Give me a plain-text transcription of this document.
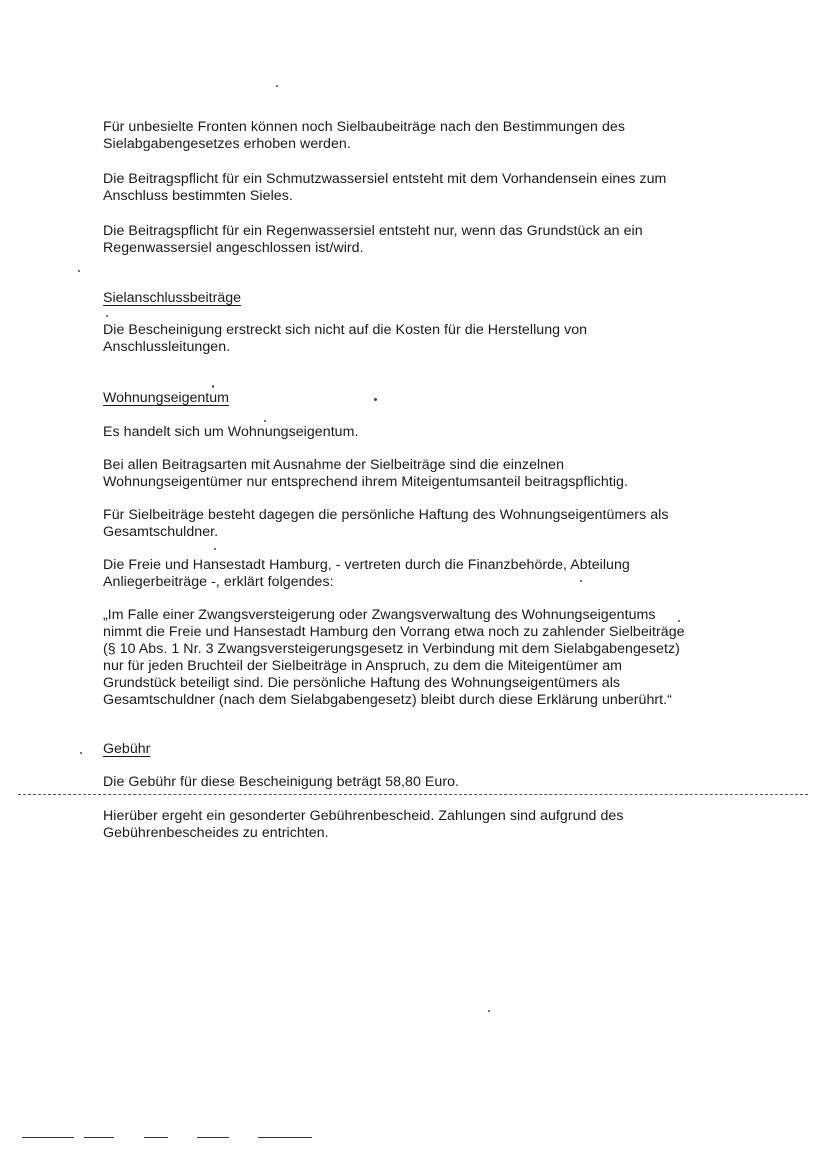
Für unbesielte Fronten können noch Sielbaubeiträge nach den Bestimmungen des
Sielabgabengesetzes erhoben werden.
Die Beitragspflicht für ein Schmutzwassersiel entsteht mit dem Vorhandensein eines zum
Anschluss bestimmten Sieles.
Die Beitragspflicht für ein Regenwassersiel entsteht nur, wenn das Grundstück an ein
Regenwassersiel angeschlossen ist/wird.
Sielanschlussbeiträge
Die Bescheinigung erstreckt sich nicht auf die Kosten für die Herstellung von
Anschlussleitungen.
Wohnungseigentum
Es handelt sich um Wohnungseigentum.
Bei allen Beitragsarten mit Ausnahme der Sielbeiträge sind die einzelnen
Wohnungseigentümer nur entsprechend ihrem Miteigentumsanteil beitragspflichtig.
Für Sielbeiträge besteht dagegen die persönliche Haftung des Wohnungseigentümers als
Gesamtschuldner.
Die Freie und Hansestadt Hamburg, - vertreten durch die Finanzbehörde, Abteilung
Anliegerbeiträge -, erklärt folgendes:
„Im Falle einer Zwangsversteigerung oder Zwangsverwaltung des Wohnungseigentums
nimmt die Freie und Hansestadt Hamburg den Vorrang etwa noch zu zahlender Sielbeiträge
(§ 10 Abs. 1 Nr. 3 Zwangsversteigerungsgesetz in Verbindung mit dem Sielabgabengesetz)
nur für jeden Bruchteil der Sielbeiträge in Anspruch, zu dem die Miteigentümer am
Grundstück beteiligt sind. Die persönliche Haftung des Wohnungseigentümers als
Gesamtschuldner (nach dem Sielabgabengesetz) bleibt durch diese Erklärung unberührt.“
Gebühr
Die Gebühr für diese Bescheinigung beträgt 58,80 Euro.
Hierüber ergeht ein gesonderter Gebührenbescheid. Zahlungen sind aufgrund des
Gebührenbescheides zu entrichten.
